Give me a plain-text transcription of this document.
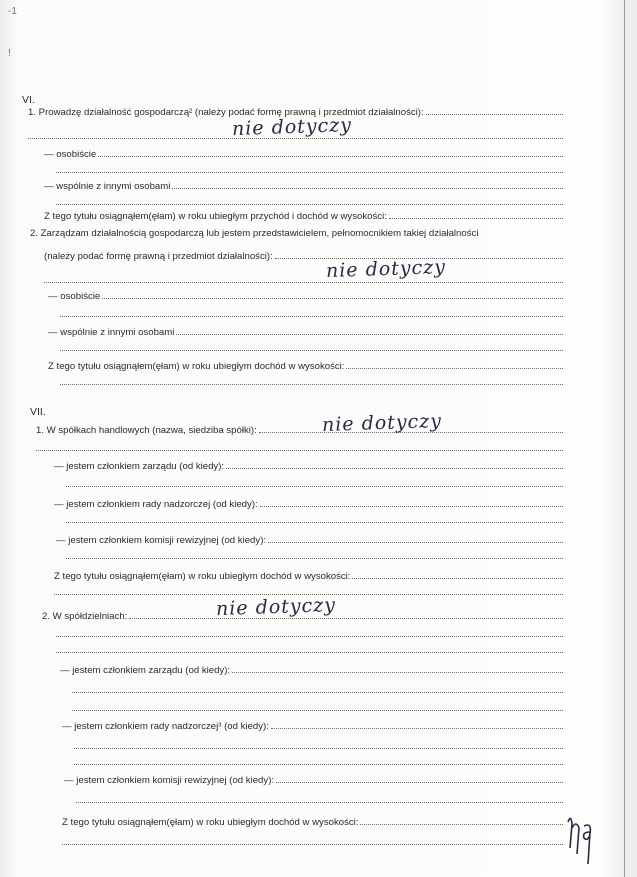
-1
!
VI.
1. Prowadzę działalność gospodarczą² (należy podać formę prawną i przedmiot działalności):
nie dotyczy
— osobiście
— wspólnie z innymi osobami
Z tego tytułu osiągnąłem(ęłam) w roku ubiegłym przychód i dochód w wysokości:
2. Zarządzam działalnością gospodarczą lub jestem przedstawicielem, pełnomocnikiem takiej działalności
(należy podać formę prawną i przedmiot działalności):	nie dotyczy
— osobiście
— wspólnie z innymi osobami
Z tego tytułu osiągnąłem(ęłam) w roku ubiegłym dochód w wysokości:
VII.
1. W spółkach handlowych (nazwa, siedziba spółki):	nie dotyczy
— jestem członkiem zarządu (od kiedy):
— jestem członkiem rady nadzorczej (od kiedy):
— jestem członkiem komisji rewizyjnej (od kiedy):
Z tego tytułu osiągnąłem(ęłam) w roku ubiegłym dochód w wysokości:
2. W spółdzielniach:	nie dotyczy
— jestem członkiem zarządu (od kiedy):
— jestem członkiem rady nadzorczej³ (od kiedy):
— jestem członkiem komisji rewizyjnej (od kiedy):
Z tego tytułu osiągnąłem(ęłam) w roku ubiegłym dochód w wysokości:
